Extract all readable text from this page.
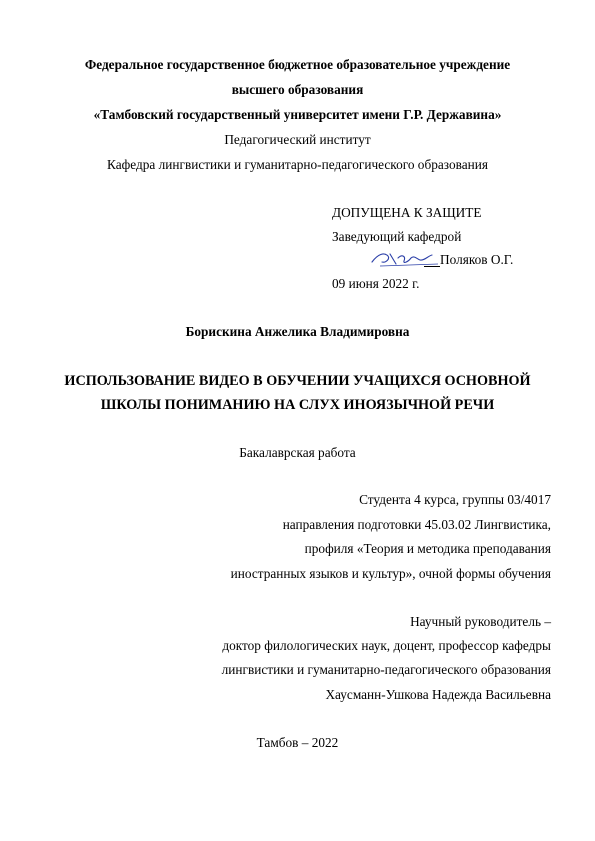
Федеральное государственное бюджетное образовательное учреждение
высшего образования
«Тамбовский государственный университет имени Г.Р. Державина»
Педагогический институт
Кафедра лингвистики и гуманитарно-педагогического образования
ДОПУЩЕНА К ЗАЩИТЕ
Заведующий кафедрой
Поляков О.Г.
09 июня 2022 г.
Борискина Анжелика Владимировна
ИСПОЛЬЗОВАНИЕ ВИДЕО В ОБУЧЕНИИ УЧАЩИХСЯ ОСНОВНОЙ
ШКОЛЫ ПОНИМАНИЮ НА СЛУХ ИНОЯЗЫЧНОЙ РЕЧИ
Бакалаврская работа
Студента 4 курса, группы 03/4017
направления подготовки 45.03.02 Лингвистика,
профиля «Теория и методика преподавания
иностранных языков и культур», очной формы обучения
Научный руководитель –
доктор филологических наук, доцент, профессор кафедры
лингвистики и гуманитарно-педагогического образования
Хаусманн-Ушкова Надежда Васильевна
Тамбов – 2022
